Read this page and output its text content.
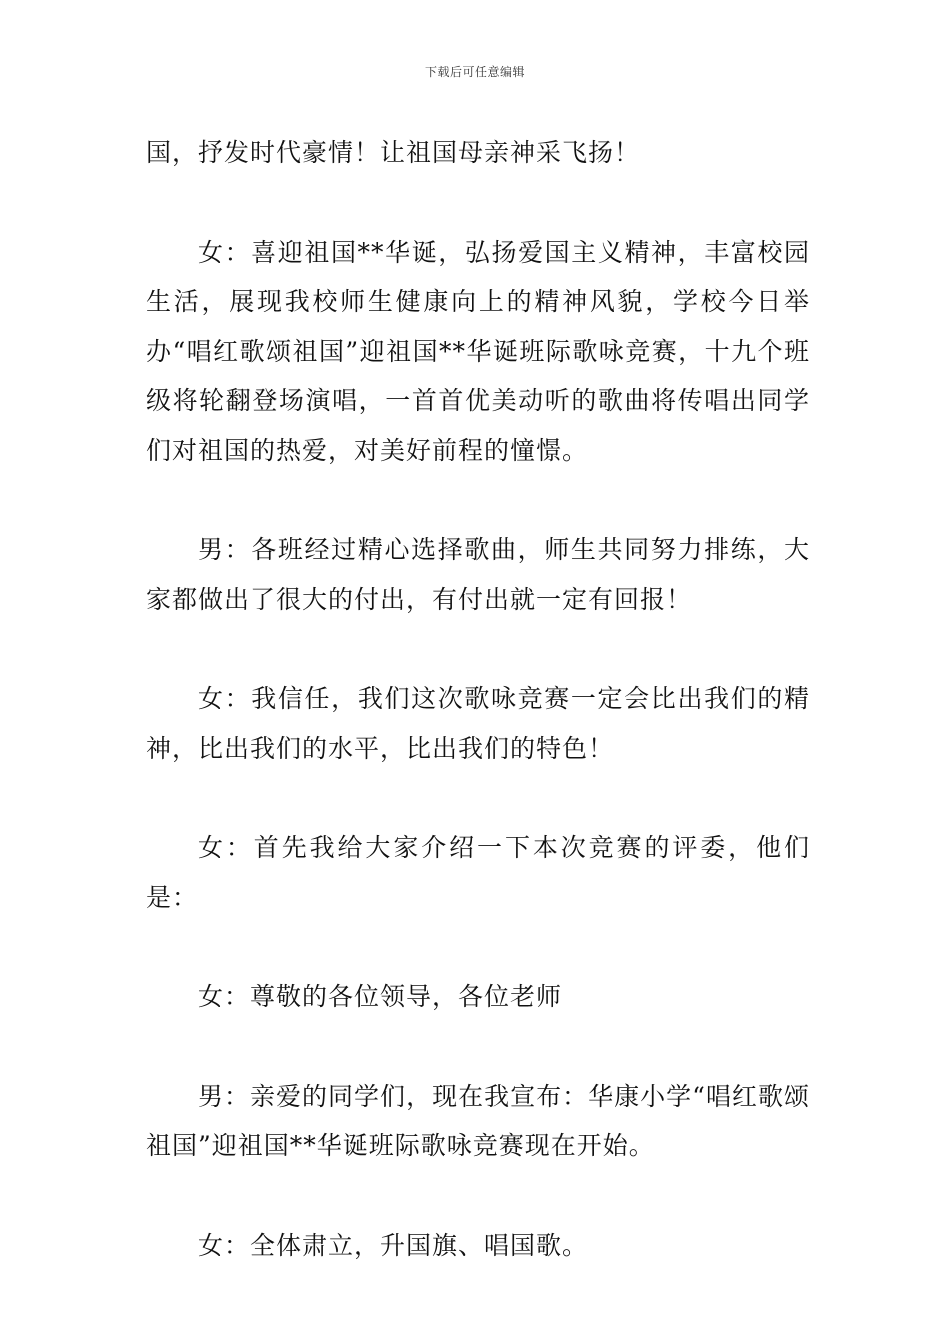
下载后可任意编辑

国，抒发时代豪情！让祖国母亲神采飞扬！

女：喜迎祖国**华诞，弘扬爱国主义精神，丰富校园生活，展现我校师生健康向上的精神风貌，学校今日举办“唱红歌颂祖国”迎祖国**华诞班际歌咏竞赛，十九个班级将轮翻登场演唱，一首首优美动听的歌曲将传唱出同学们对祖国的热爱，对美好前程的憧憬。

男：各班经过精心选择歌曲，师生共同努力排练，大家都做出了很大的付出，有付出就一定有回报！

女：我信任，我们这次歌咏竞赛一定会比出我们的精神，比出我们的水平，比出我们的特色！

女：首先我给大家介绍一下本次竞赛的评委，他们是：

女：尊敬的各位领导，各位老师

男：亲爱的同学们，现在我宣布：华康小学“唱红歌颂祖国”迎祖国**华诞班际歌咏竞赛现在开始。

女：全体肃立，升国旗、唱国歌。
